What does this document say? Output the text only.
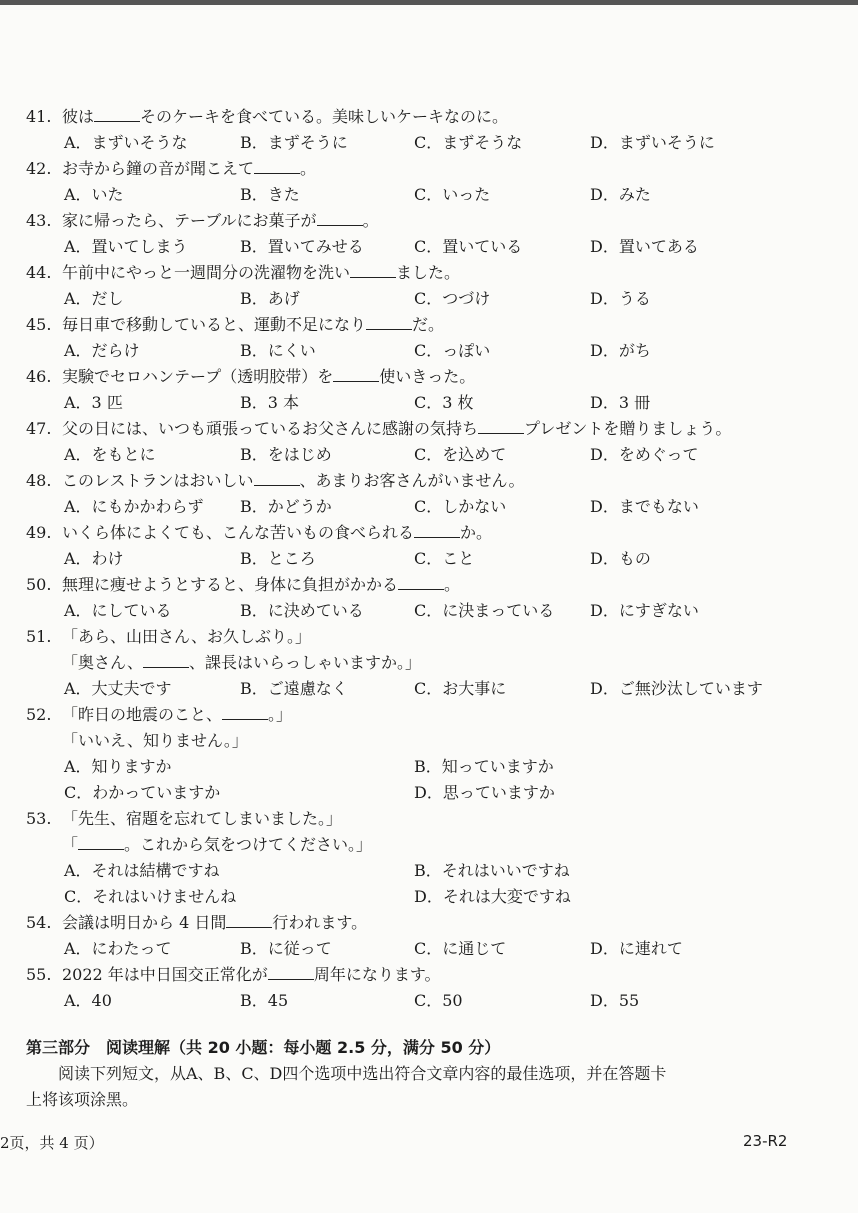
41. 彼は	そのケーキを食べている。美味しいケーキなのに。
A．まずいそうな	B．まずそうに	C．まずそうな	D．まずいそうに
42. お寺から鐘の音が聞こえて	。
A．いた	B．きた	C．いった	D．みた
43. 家に帰ったら、テーブルにお菓子が	。
A．置いてしまう	B．置いてみせる	C．置いている	D．置いてある
44. 午前中にやっと一週間分の洗濯物を洗い	ました。
A．だし	B．あげ	C．つづけ	D．うる
45. 毎日車で移動していると、運動不足になり	だ。
A．だらけ	B．にくい	C．っぽい	D．がち
46. 実験でセロハンテープ（透明胶带）を	使いきった。
A．3 匹	B．3 本	C．3 枚	D．3 冊
47. 父の日には、いつも頑張っているお父さんに感謝の気持ち	プレゼントを贈りましょう。
A．をもとに	B．をはじめ	C．を込めて	D．をめぐって
48. このレストランはおいしい	、あまりお客さんがいません。
A．にもかかわらず B．かどうか	C．しかない	D．までもない
49. いくら体によくても、こんな苦いもの食べられる	か。
A．わけ	B．ところ	C．こと	D．もの
50. 無理に痩せようとすると、身体に負担がかかる	。
A．にしている	B．に決めている	C．に決まっている D．にすぎない
51. 「あら、山田さん、お久しぶり。」
「奥さん、	、課長はいらっしゃいますか。」
A．大丈夫です	B．ご遠慮なく	C．お大事に	D．ご無沙汰しています
52. 「昨日の地震のこと、	。」
「いいえ、知りません。」
A．知りますか	B．知っていますか
C．わかっていますか	D．思っていますか
53. 「先生、宿題を忘れてしまいました。」
「	。これから気をつけてください。」
A．それは結構ですね	B．それはいいですね
C．それはいけませんね	D．それは大変ですね
54. 会議は明日から 4 日間	行われます。
A．にわたって	B．に従って	C．に通じて	D．に連れて
55. 2022 年は中日国交正常化が	周年になります。
A．40	B．45	C．50	D．55
第三部分　阅读理解（共 20 小题：每小题 2.5 分，满分 50 分）
　　阅读下列短文，从A、B、C、D四个选项中选出符合文章内容的最佳选项，并在答题卡
上将该项涂黑。
2页，共 4 页）	23-R2
